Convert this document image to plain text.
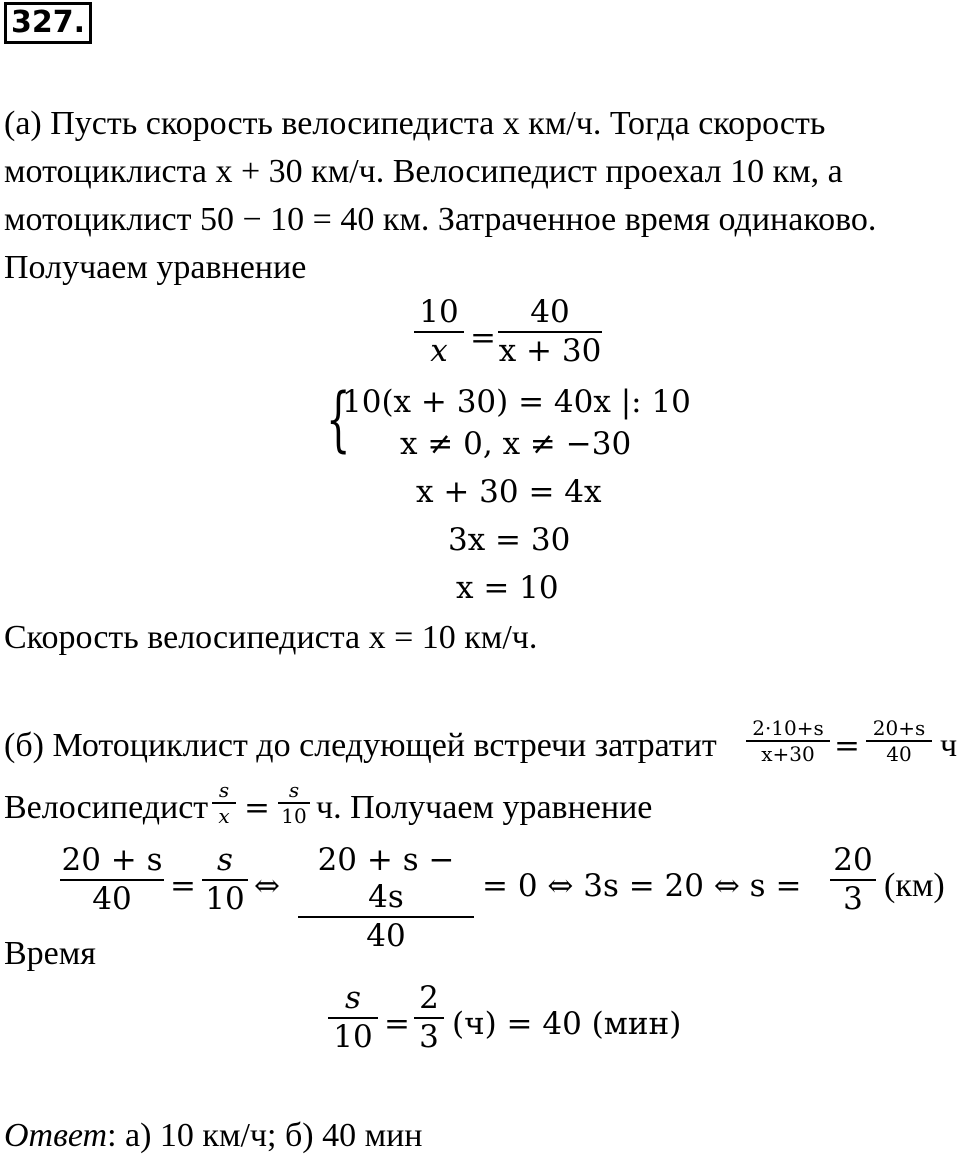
327.
(а) Пусть скорость велосипедиста x км/ч. Тогда скорость
мотоциклиста x + 30 км/ч. Велосипедист проехал 10 км, а
мотоциклист 50 − 10 = 40 км. Затраченное время одинаково.
Получаем уравнение
10
x =
40
x + 30
{
10(x + 30) = 40x |: 10
x ≠ 0, x ≠ −30
x + 30 = 4x
3x = 30
x = 10
Скорость велосипедиста x = 10 км/ч.
(б) Мотоциклист до следующей встречи затратит	2·10+s
x+30 = 20+s
40 ч
Велосипедист s
x = s
10 ч. Получаем уравнение
20 + s
40	=
s
10 ⇔
20 + s − 4s
40
= 0 ⇔ 3s = 20 ⇔ s =
20
3 (км)
Время
s
10 =
2
3 (ч) = 40 (мин)
Ответ: а) 10 км/ч; б) 40 мин
